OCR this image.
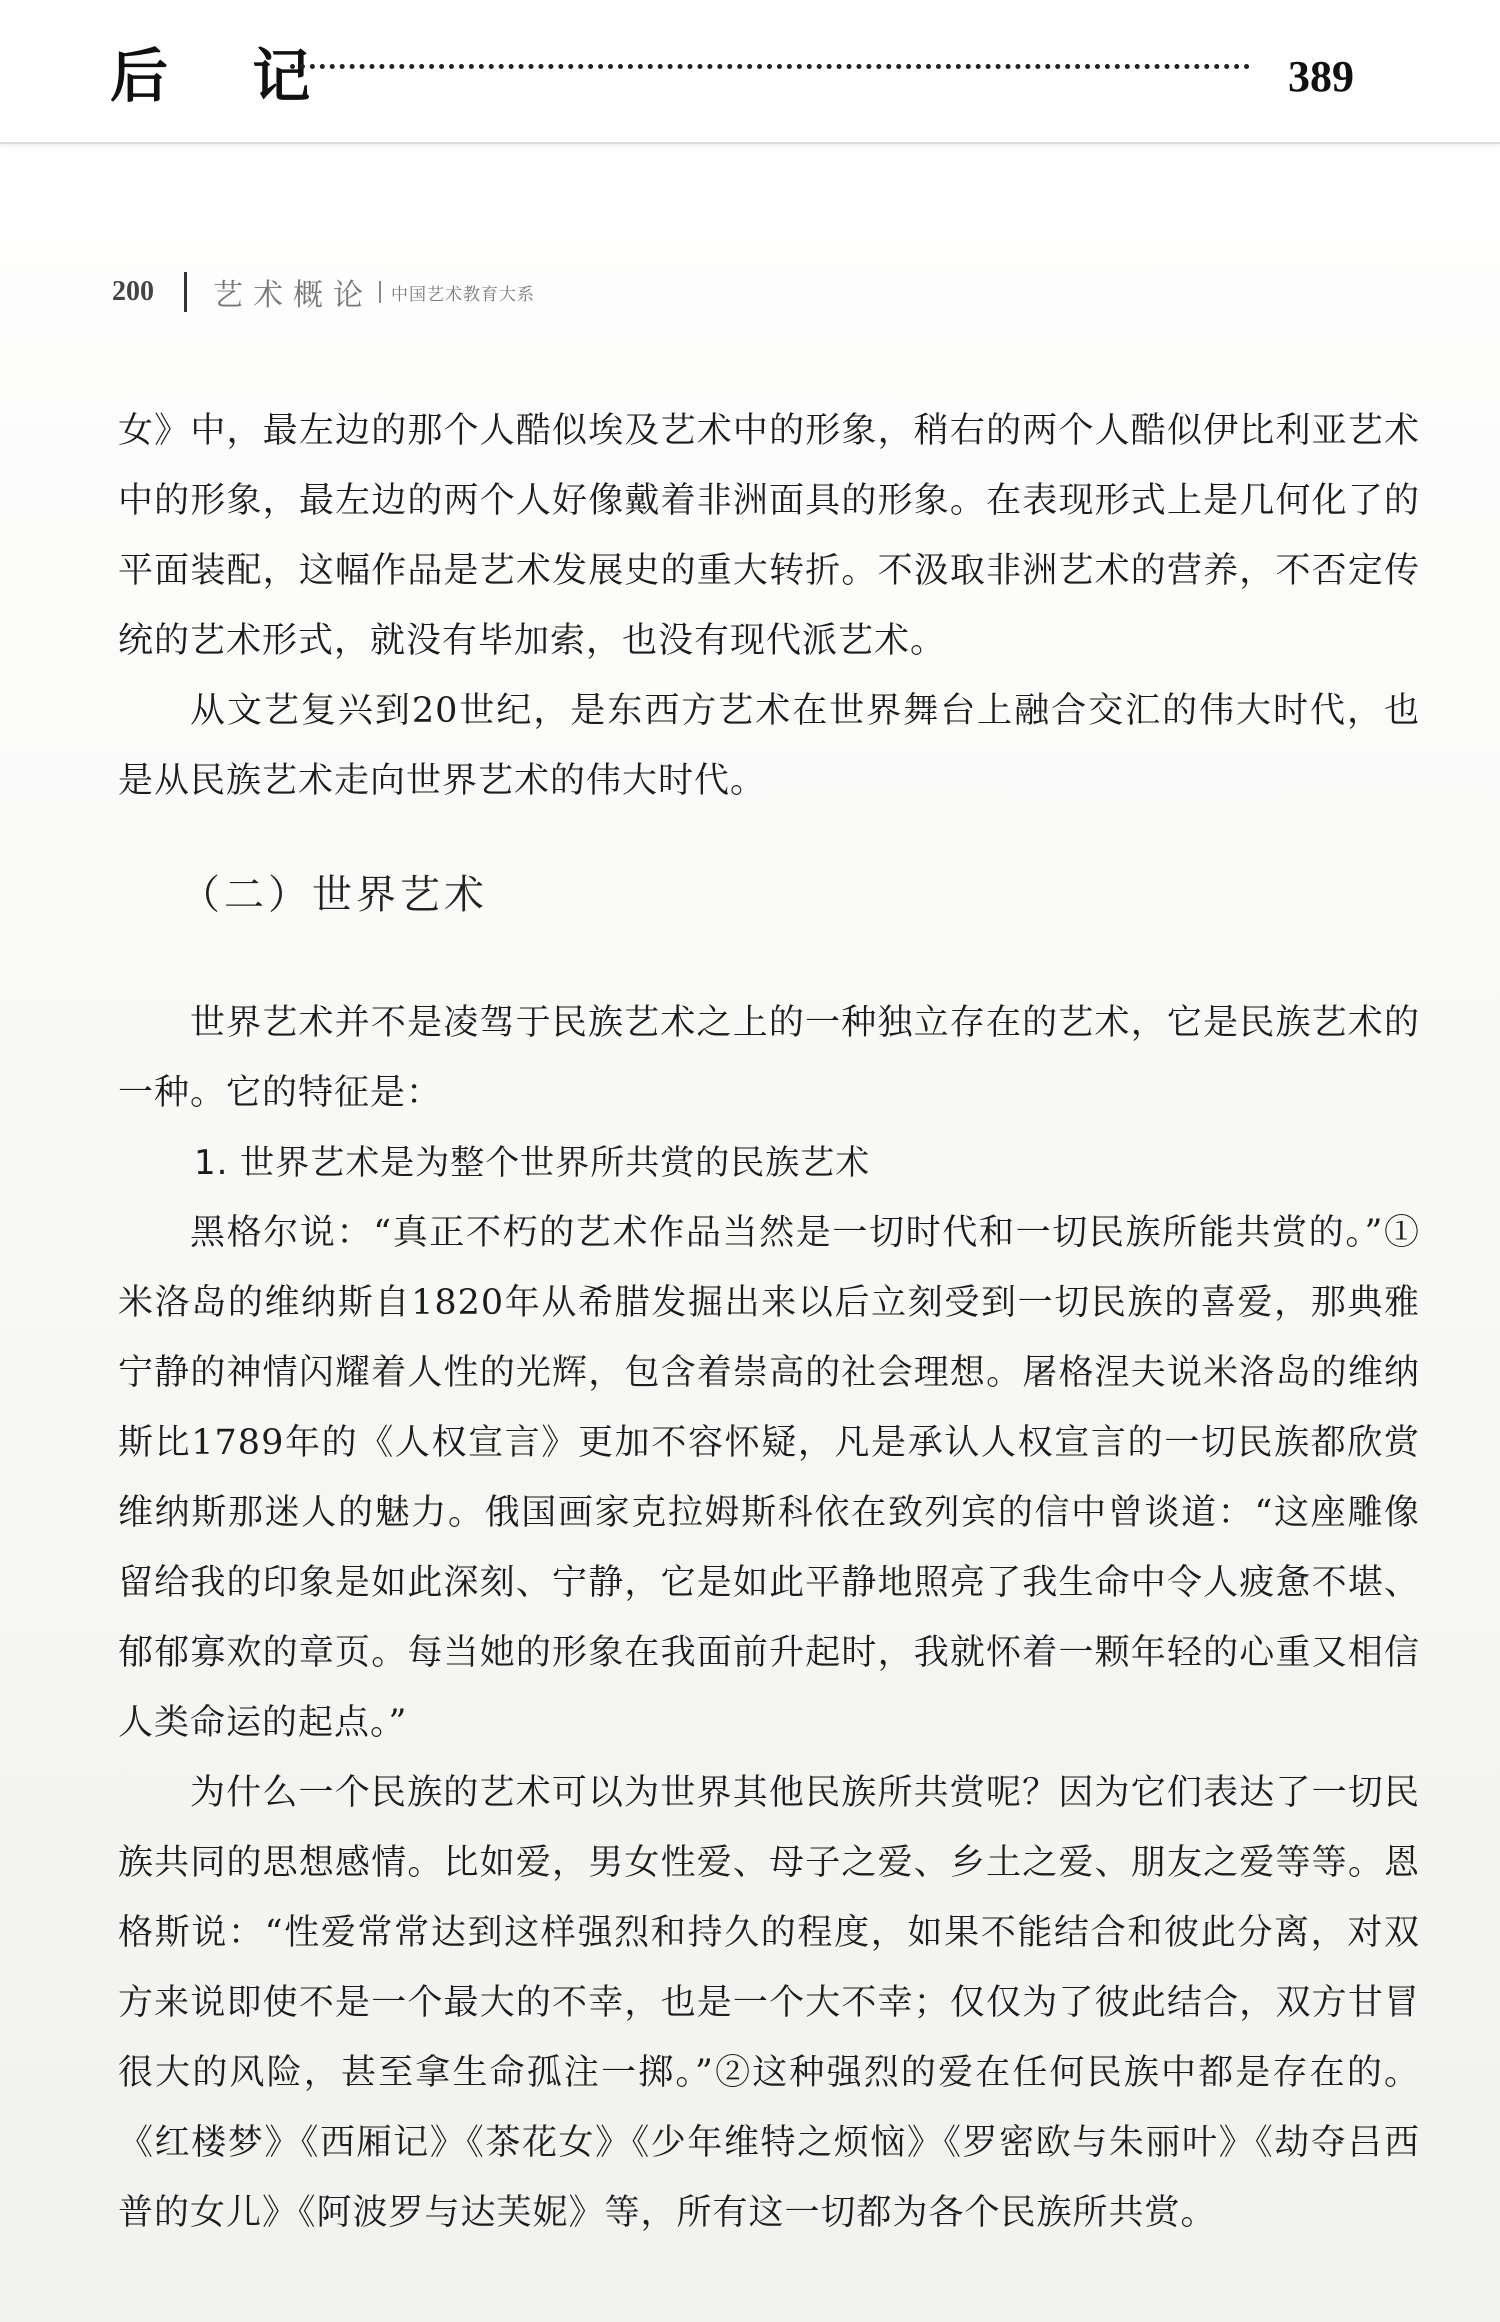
后 记	389
200 艺术概论 中国艺术教育大系

女》中，最左边的那个人酷似埃及艺术中的形象，稍右的两个人酷似伊比利亚艺术中的形象，最左边的两个人好像戴着非洲面具的形象。在表现形式上是几何化了的平面装配，这幅作品是艺术发展史的重大转折。不汲取非洲艺术的营养，不否定传统的艺术形式，就没有毕加索，也没有现代派艺术。

从文艺复兴到20世纪，是东西方艺术在世界舞台上融合交汇的伟大时代，也是从民族艺术走向世界艺术的伟大时代。

（二）世界艺术

世界艺术并不是凌驾于民族艺术之上的一种独立存在的艺术，它是民族艺术的一种。它的特征是：

1. 世界艺术是为整个世界所共赏的民族艺术

黑格尔说：“真正不朽的艺术作品当然是一切时代和一切民族所能共赏的。”①米洛岛的维纳斯自1820年从希腊发掘出来以后立刻受到一切民族的喜爱，那典雅宁静的神情闪耀着人性的光辉，包含着崇高的社会理想。屠格涅夫说米洛岛的维纳斯比1789年的《人权宣言》更加不容怀疑，凡是承认人权宣言的一切民族都欣赏维纳斯那迷人的魅力。俄国画家克拉姆斯科依在致列宾的信中曾谈道：“这座雕像留给我的印象是如此深刻、宁静，它是如此平静地照亮了我生命中令人疲惫不堪、郁郁寡欢的章页。每当她的形象在我面前升起时，我就怀着一颗年轻的心重又相信人类命运的起点。”

为什么一个民族的艺术可以为世界其他民族所共赏呢？因为它们表达了一切民族共同的思想感情。比如爱，男女性爱、母子之爱、乡土之爱、朋友之爱等等。恩格斯说：“性爱常常达到这样强烈和持久的程度，如果不能结合和彼此分离，对双方来说即使不是一个最大的不幸，也是一个大不幸；仅仅为了彼此结合，双方甘冒很大的风险，甚至拿生命孤注一掷。”②这种强烈的爱在任何民族中都是存在的。《红楼梦》《西厢记》《茶花女》《少年维特之烦恼》《罗密欧与朱丽叶》《劫夺吕西普的女儿》《阿波罗与达芙妮》等，所有这一切都为各个民族所共赏。
